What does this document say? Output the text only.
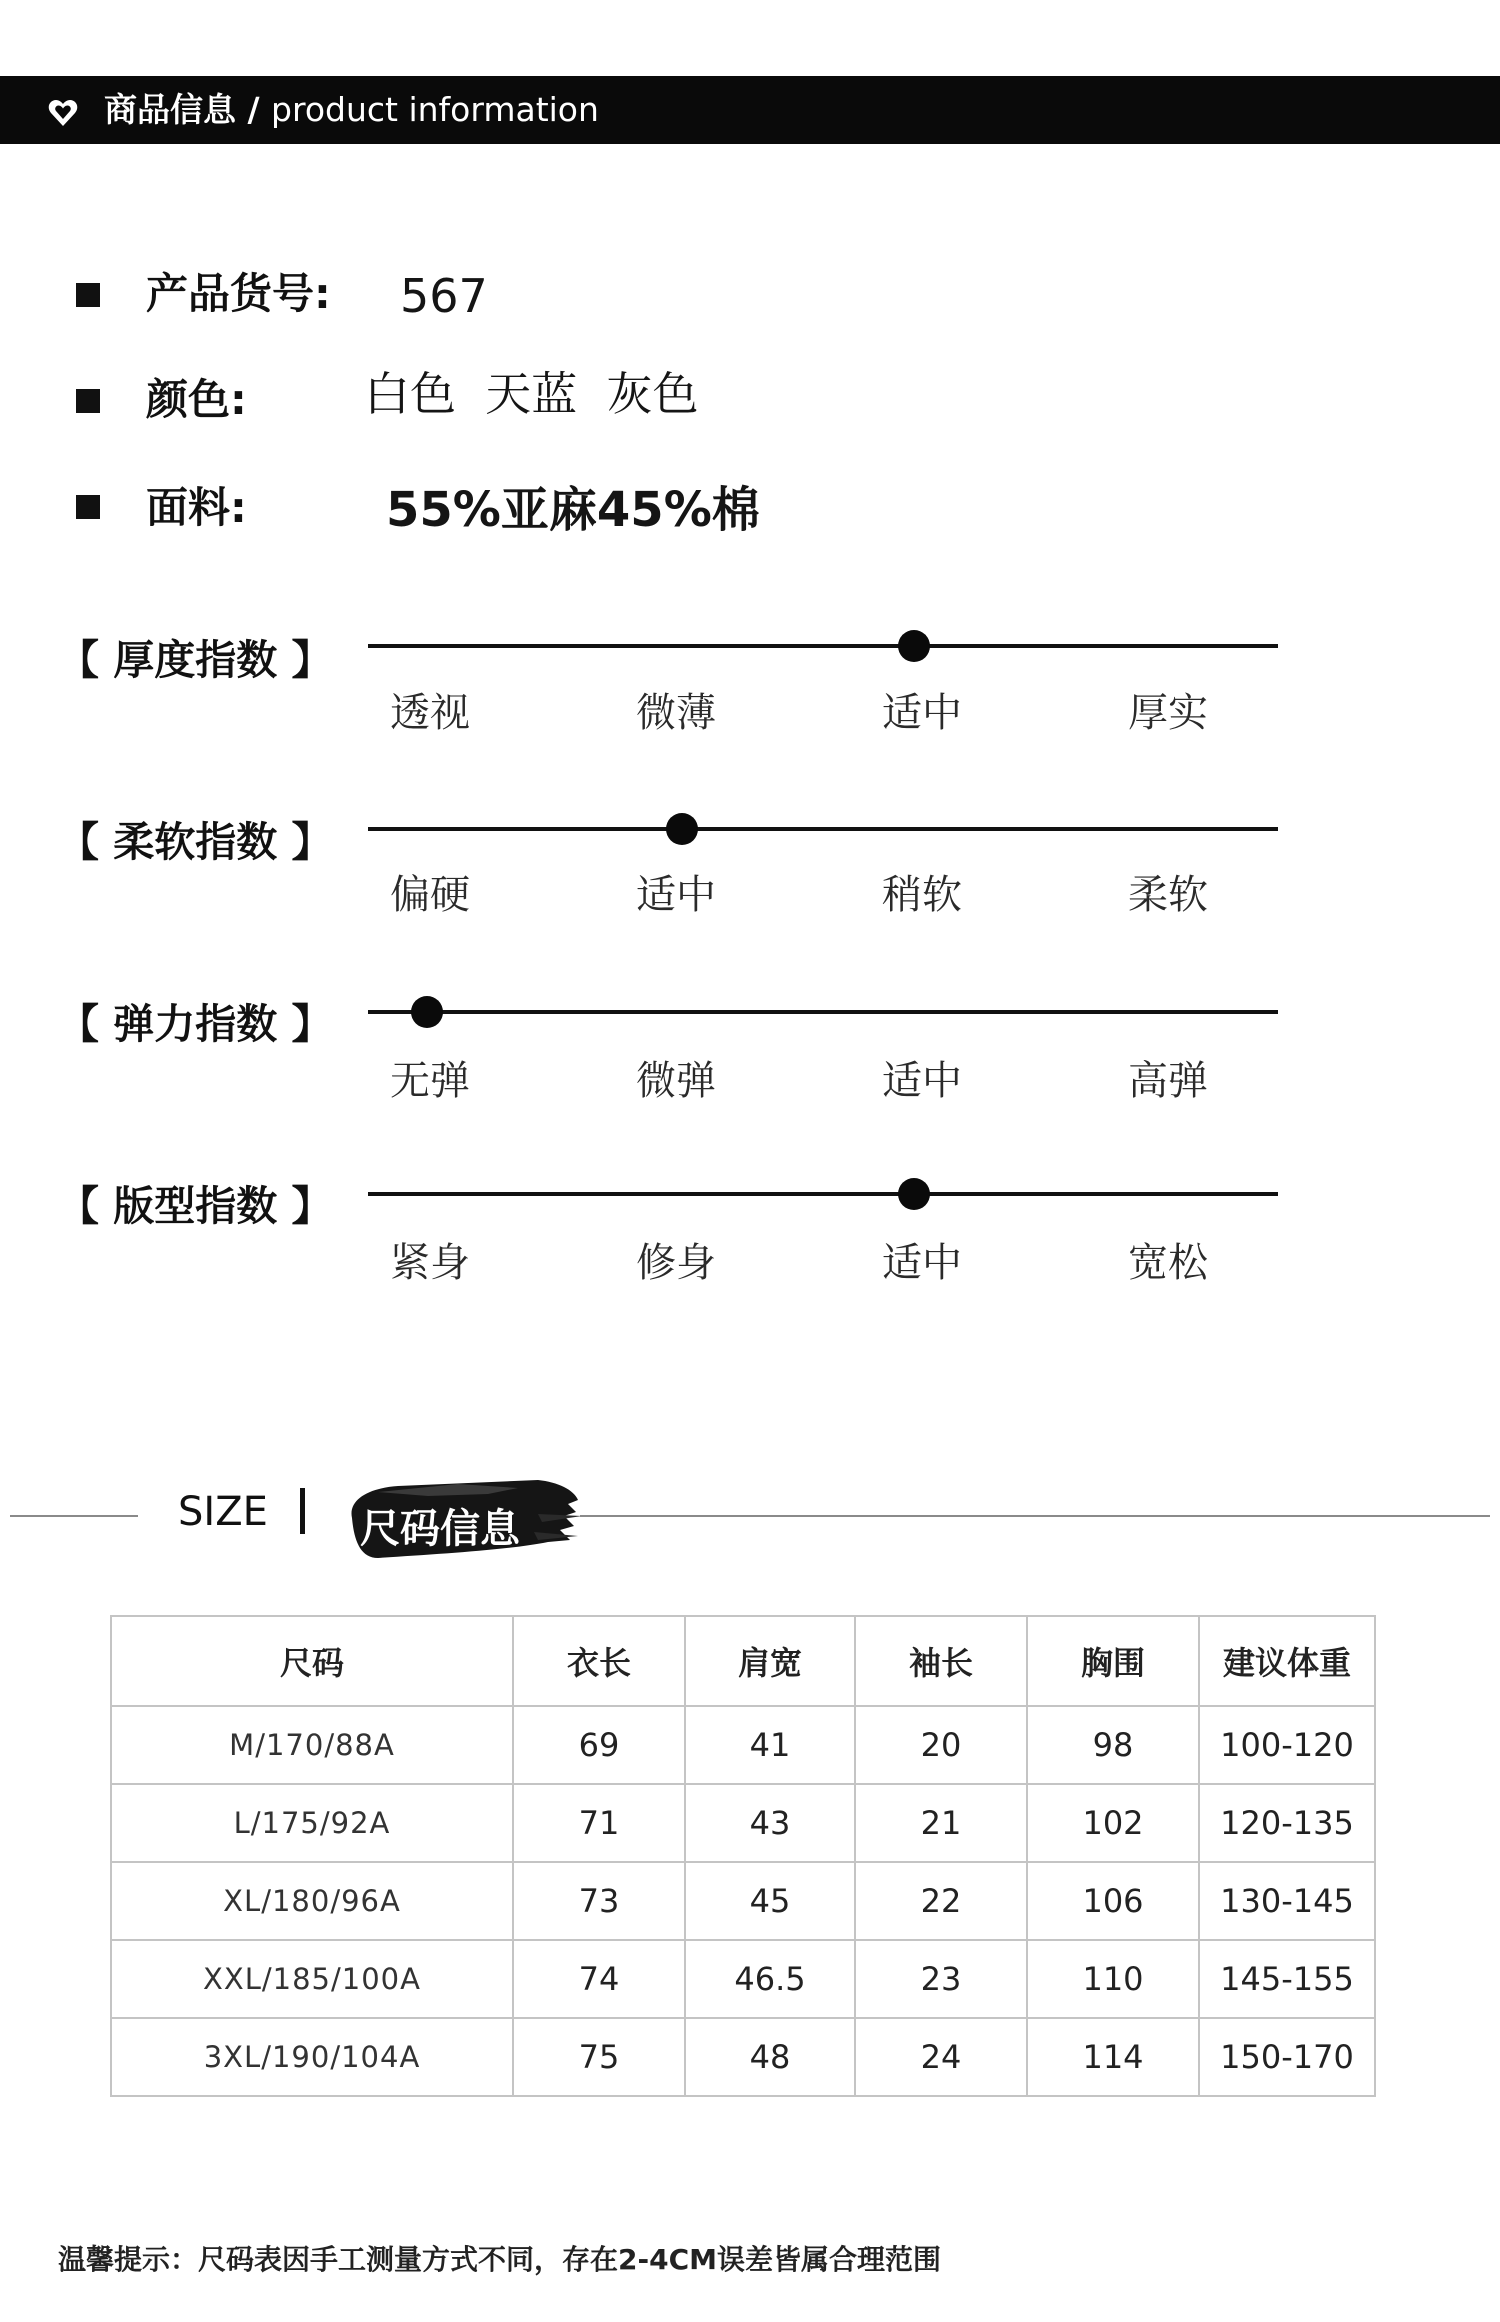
商品信息 / product information
产品货号: 567
颜色:	白色  天蓝  灰色
面料:	55%亚麻45%棉
【 厚度指数 】
透视	微薄	适中	厚实
【 柔软指数 】
偏硬	适中	稍软	柔软
【 弹力指数 】
无弹	微弹	适中	高弹
【 版型指数 】
紧身	修身	适中	宽松
SIZE 尺码信息
尺码	衣长	肩宽	袖长	胸围	建议体重
M/170/88A	69	41	20	98	100-120
L/175/92A	71	43	21	102	120-135
XL/180/96A	73	45	22	106	130-145
XXL/185/100A	74	46.5	23	110	145-155
3XL/190/104A	75	48	24	114	150-170
温馨提示：尺码表因手工测量方式不同，存在2-4CM误差皆属合理范围
